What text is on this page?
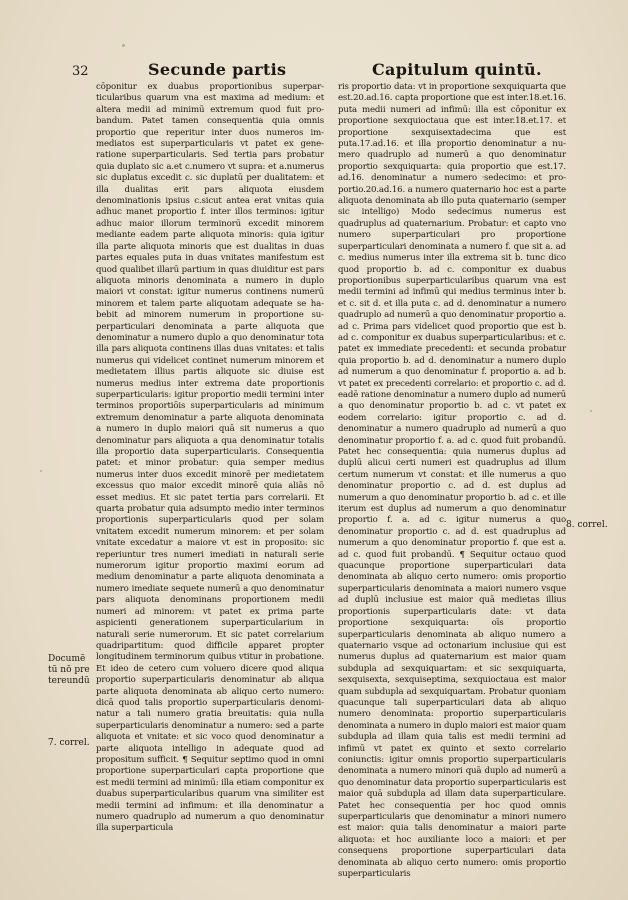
32	Secunde partis	Capitulum quintū.

cōponitur ex duabus proportionibus superparticularibus quarum vna est maxima ad medium: et altera medii ad minimū extremum quod fuit probandum. Patet tamen consequentia quia omnis proportio que reperitur inter duos numeros immediatos est superparticularis vt patet ex generatione superparticularis. Sed tertia pars probatur quia duplato sic a.et c.numero vt supra: et a.numerus sic duplatus excedit c. sic duplatū per dualitatem: et illa dualitas erit pars aliquota eiusdem denominationis ipsius c.sicut antea erat vnitas quia adhuc manet proportio f. inter illos terminos: igitur adhuc maior illorum terminorū excedit minorem mediante eadem parte aliquota minoris: quia igitur illa parte aliquota minoris que est dualitas in duas partes equales puta in duas vnitates manifestum est quod qualibet illarū partium in quas diuiditur est pars aliquota minoris denominata a numero in duplo maiori vt constat: igitur numerus continens numerū minorem et talem parte aliquotam adequate se habebit ad minorem numerum in proportione superparticulari denominata a parte aliquota que denominatur a numero duplo a quo denominatur tota illa pars aliquota continens illas duas vnitates: et talis numerus qui videlicet continet numerum minorem et medietatem illius partis aliquote sic diuise est numerus medius inter extrema date proportionis superparticularis: igitur proportio medii termini inter terminos proportiōis superparticularis ad minimum extremum denominatur a parte aliquota denominata a numero in duplo maiori quā sit numerus a quo denominatur pars aliquota a qua denominatur totalis illa proportio data superparticularis. Consequentia patet: et minor probatur: quia semper medius numerus inter duos excedit minorē per medietatem excessus quo maior excedit minorē quia aliās nō esset medius. Et sic patet tertia pars correlarii. Et quarta probatur quia adsumpto medio inter terminos proportionis superparticularis quod per solam vnitatem excedit numerum minorem: et per solam vnitate excedatur a maiore vt est in proposito: sic reperiuntur tres numeri imediati in naturali serie numerorum igitur proportio maximi eorum ad medium denominatur a parte aliquota denominata a numero imediate sequete numerū a quo denominatur pars aliquota denominans proportionem medii numeri ad minorem: vt patet ex prima parte aspicienti generationem superparticularium in naturali serie numerorum. Et sic patet correlarium quadripartitum: quod difficile apparet propter longitudinem terminorum quibus vtitur in probatione. Et ideo de cetero cum voluero dicere quod aliqua proportio superparticularis denominatur ab aliqua parte aliquota denominata ab aliquo certo numero: dicā quod talis proportio superparticularis denominatur a tali numero gratia breuitatis: quia nulla superparticularis denominatur a numero: sed a parte aliquota et vnitate: et sic voco quod denominatur a parte aliquota intelligo in adequate quod ad propositum sufficit. ¶ Sequitur septimo quod in omni proportione superparticulari capta proportione que est medii termini ad minimū: illa etiam componitur ex duabus superparticularibus quarum vna similiter est medii termini ad infimum: et illa denominatur a numero quadruplo ad numerum a quo denominatur illa superparticula

ris proportio data: vt in proportione sexquiquarta que est.20.ad.16. capta proportione que est inter.18.et.16. puta medii numeri ad infimū: illa est cōponitur ex proportione sexquioctaua que est inter.18.et.17. et proportione sexquisextadecima que est puta.17.ad.16. et illa proportio denominatur a numero quadruplo ad numerū a quo denominatur proportio sexquiquarta: quia proportio que est.17. ad.16. denominatur a numero sedecimo: et proportio.20.ad.16. a numero quaternario hoc est a parte aliquota denominata ab illo puta quaternario (semper sic intelligo) Modo sedecimus numerus est quadruplus ad quaternarium. Probatur: et capto vno numero superparticulari pro proportione superparticulari denominata a numero f. que sit a. ad c. medius numerus inter illa extrema sit b. tunc dico quod proportio b. ad c. componitur ex duabus proportionibus superparticularibus quarum vna est medii termini ad infimū qui medius terminus inter b. et c. sit d. et illa puta c. ad d. denominatur a numero quadruplo ad numerū a quo denominatur proportio a. ad c. Prima pars videlicet quod proportio que est b. ad c. componitur ex duabus superparticularibus: et c. patet ex immediate precedenti: et secunda probatur quia proportio b. ad d. denominatur a numero duplo ad numerum a quo denominatur f. proportio a. ad b. vt patet ex precedenti correlario: et proportio c. ad d. eadē ratione denominatur a numero duplo ad numerū a quo denominatur proportio b. ad c. vt patet ex eodem correlario: igitur proportio c. ad d. denominatur a numero quadruplo ad numerū a quo denominatur proportio f. a. ad c. quod fuit probandū. Patet hec consequentia: quia numerus duplus ad duplū alicui certi numeri est quadruplus ad illum certum numerum vt constat: et ille numerus a quo denominatur proportio c. ad d. est duplus ad numerum a quo denominatur proportio b. ad c. et ille iterum est duplus ad numerum a quo denominatur proportio f. a. ad c. igitur numerus a quo denominatur proportio c. ad d. est quadruplus ad numerum a quo denominatur proportio f. que est a. ad c. quod fuit probandū. ¶ Sequitur octauo quod quacunque proportione superparticulari data denominata ab aliquo certo numero: omis proportio superparticularis denominata a maiori numero vsque ad duplū inclusiue est maior quā medietas illius proportionis superparticularis date: vt data proportione sexquiquarta: oīs proportio superparticularis denominata ab aliquo numero a quaternario vsque ad octonarium inclusiue qui est numerus duplus ad quaternarium est maior quam subdupla ad sexquiquartam: et sic sexquiquarta, sexquisexta, sexquiseptima, sexquioctaua est maior quam subdupla ad sexquiquartam. Probatur quoniam quacunque tali superparticulari data ab aliquo numero denominata: proportio superparticularis denominata a numero in duplo maiori est maior quam subdupla ad illam quia talis est medii termini ad infimū vt patet ex quinto et sexto correlario coniunctis: igitur omnis proportio superparticularis denominata a numero minori quā duplo ad numerū a quo denominatur data proportio superparticularis est maior quā subdupla ad illam data superparticulare. Patet hec consequentia per hoc quod omnis superparticularis que denominatur a minori numero est maior: quia talis denominatur a maiori parte aliquota: et hoc auxiliante loco a maiori: et per consequens proportione superparticulari data denominata ab aliquo certo numero: omis proportio superparticularis

Documē tū nō pre tereundū
7. correl.
8. correl.
